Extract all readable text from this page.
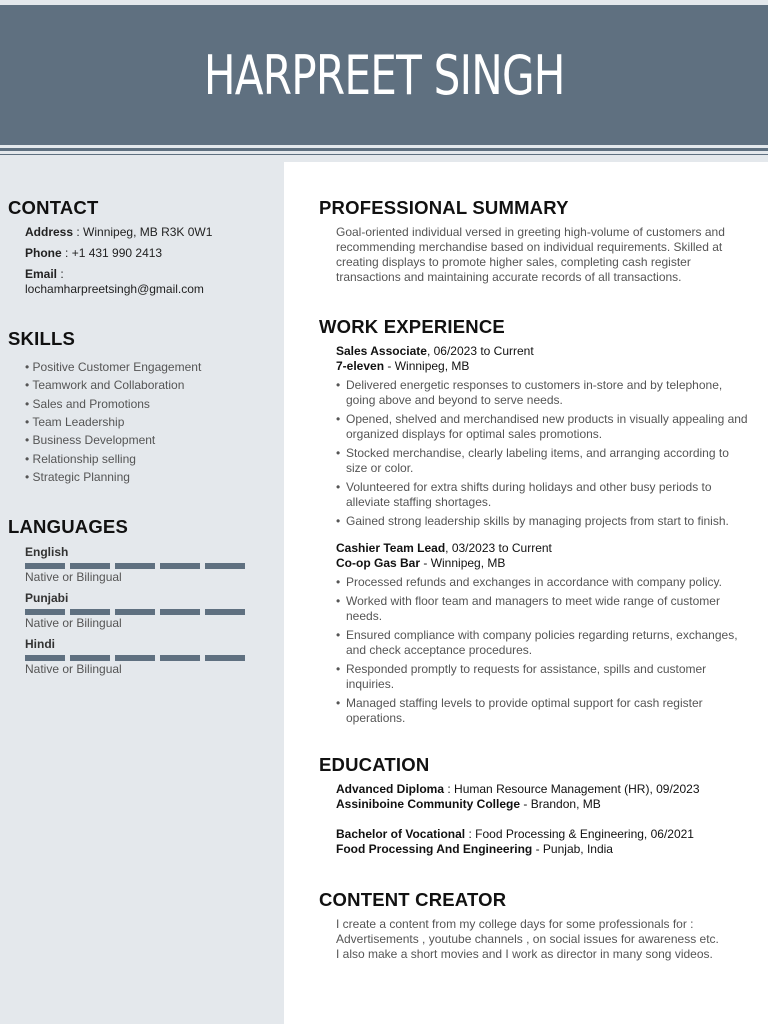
HARPREET SINGH
CONTACT
Address : Winnipeg, MB R3K 0W1
Phone : +1 431 990 2413
Email :
lochamharpreetsingh@gmail.com
SKILLS
• Positive Customer Engagement
• Teamwork and Collaboration
• Sales and Promotions
• Team Leadership
• Business Development
• Relationship selling
• Strategic Planning
LANGUAGES
English
Native or Bilingual
Punjabi
Native or Bilingual
Hindi
Native or Bilingual
PROFESSIONAL SUMMARY
Goal-oriented individual versed in greeting high-volume of customers and
recommending merchandise based on individual requirements. Skilled at
creating displays to promote higher sales, completing cash register
transactions and maintaining accurate records of all transactions.
WORK EXPERIENCE
Sales Associate, 06/2023 to Current
7-eleven - Winnipeg, MB
• Delivered energetic responses to customers in-store and by telephone,
going above and beyond to serve needs.
• Opened, shelved and merchandised new products in visually appealing and
organized displays for optimal sales promotions.
• Stocked merchandise, clearly labeling items, and arranging according to
size or color.
• Volunteered for extra shifts during holidays and other busy periods to
alleviate staffing shortages.
• Gained strong leadership skills by managing projects from start to finish.
Cashier Team Lead, 03/2023 to Current
Co-op Gas Bar - Winnipeg, MB
• Processed refunds and exchanges in accordance with company policy.
• Worked with floor team and managers to meet wide range of customer
needs.
• Ensured compliance with company policies regarding returns, exchanges,
and check acceptance procedures.
• Responded promptly to requests for assistance, spills and customer
inquiries.
• Managed staffing levels to provide optimal support for cash register
operations.
EDUCATION
Advanced Diploma : Human Resource Management (HR), 09/2023
Assiniboine Community College - Brandon, MB
Bachelor of Vocational : Food Processing & Engineering, 06/2021
Food Processing And Engineering - Punjab, India
CONTENT CREATOR
I create a content from my college days for some professionals for :
Advertisements , youtube channels , on social issues for awareness etc.
I also make a short movies and I work as director in many song videos.
